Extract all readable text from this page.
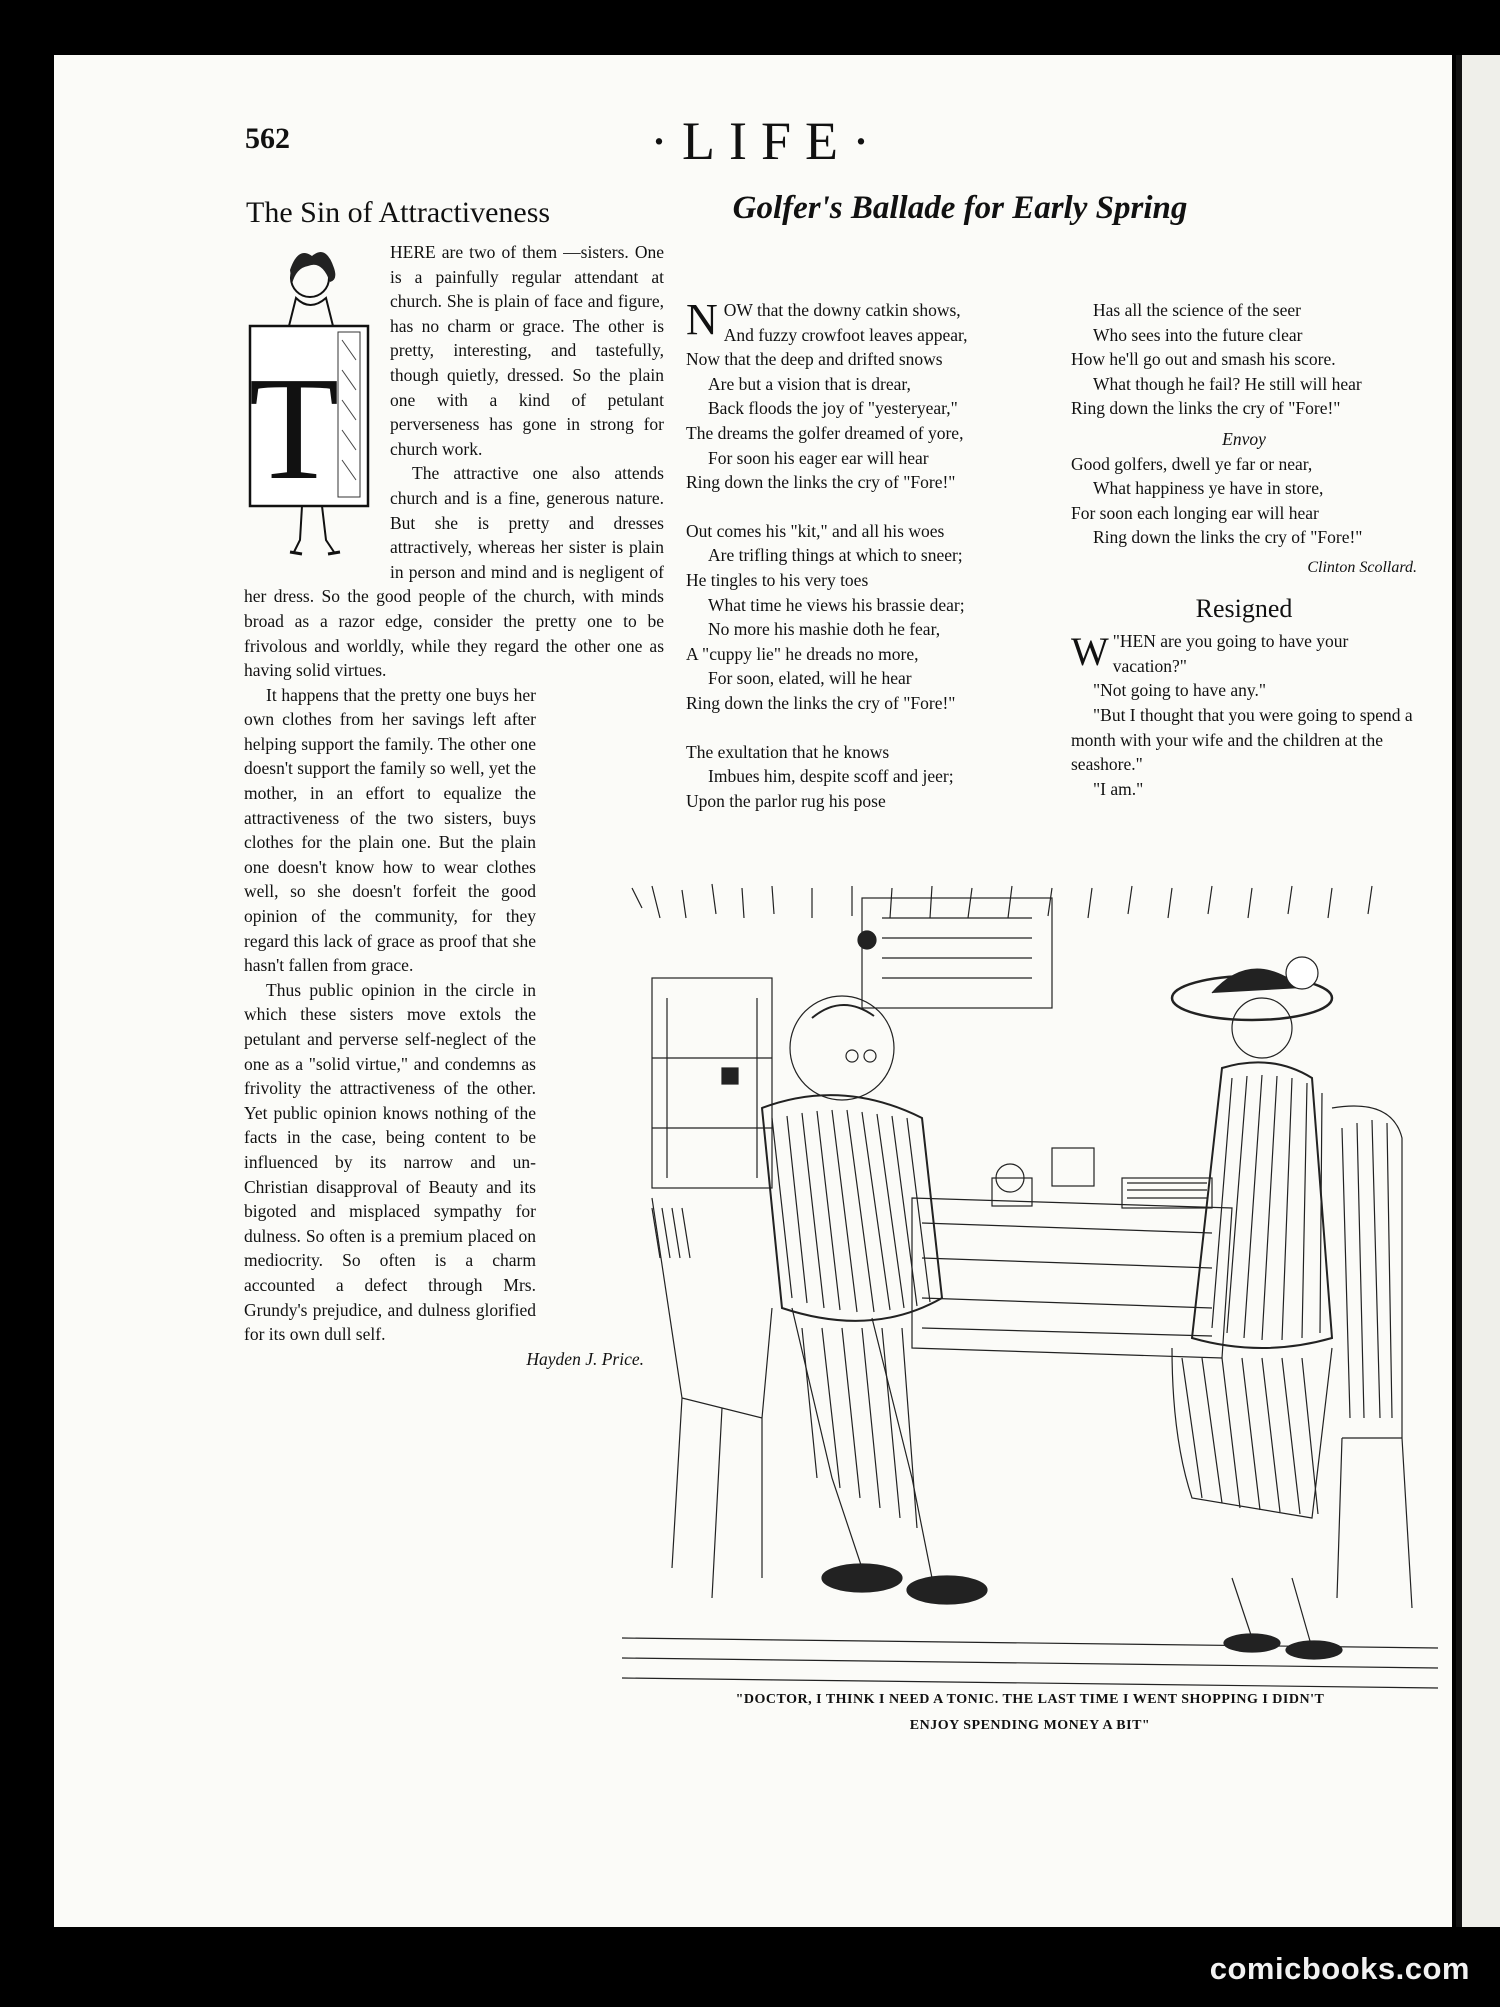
562	·LIFE·
The Sin of Attractiveness	Golfer's Ballade for Early Spring
T

HERE are two of them —sisters. One is a painfully regular attendant at church. She is plain of face and figure, has no charm or grace. The other is pretty, interesting, and tastefully, though quietly, dressed. So the plain one with a kind of petulant perverseness has gone in strong for church work.

The attractive one also attends church and is a fine, generous nature. But she is pretty and dresses attractively, whereas her sister is plain in person and mind and is negligent of her dress. So the good people of the church, with minds broad as a razor edge, consider the pretty one to be frivolous and worldly, while they regard the other one as having solid virtues.

It happens that the pretty one buys her own clothes from her savings left after helping support the family. The other one doesn't support the family so well, yet the mother, in an effort to equalize the attractiveness of the two sisters, buys clothes for the plain one. But the plain one doesn't know how to wear clothes well, so she doesn't forfeit the good opinion of the community, for they regard this lack of grace as proof that she hasn't fallen from grace.

Thus public opinion in the circle in which these sisters move extols the petulant and perverse self-neglect of the one as a "solid virtue," and condemns as frivolity the attractiveness of the other. Yet public opinion knows nothing of the facts in the case, being content to be influenced by its narrow and un-Christian disapproval of Beauty and its bigoted and misplaced sympathy for dulness. So often is a premium placed on mediocrity. So often is a charm accounted a defect through Mrs. Grundy's prejudice, and dulness glorified for its own dull self.

Hayden J. Price.

NOW that the downy catkin shows,

And fuzzy crowfoot leaves appear,

Now that the deep and drifted snows

Are but a vision that is drear,

Back floods the joy of "yesteryear,"

The dreams the golfer dreamed of yore,

For soon his eager ear will hear

Ring down the links the cry of "Fore!"

Out comes his "kit," and all his woes

Are trifling things at which to sneer;

He tingles to his very toes

What time he views his brassie dear;

No more his mashie doth he fear,

A "cuppy lie" he dreads no more,

For soon, elated, will he hear

Ring down the links the cry of "Fore!"

The exultation that he knows

Imbues him, despite scoff and jeer;

Upon the parlor rug his pose

Has all the science of the seer

Who sees into the future clear

How he'll go out and smash his score.

What though he fail? He still will hear

Ring down the links the cry of "Fore!"

Envoy

Good golfers, dwell ye far or near,

What happiness ye have in store,

For soon each longing ear will hear

Ring down the links the cry of "Fore!"

Clinton Scollard.

Resigned

"
W HEN are you going to have your vacation?"

"Not going to have any."

"But I thought that you were going to spend a month with your wife and the children at the seashore."

"I am."

"DOCTOR, I THINK I NEED A TONIC. THE LAST TIME I WENT SHOPPING I DIDN'T
ENJOY SPENDING MONEY A BIT"
comicbooks.com
